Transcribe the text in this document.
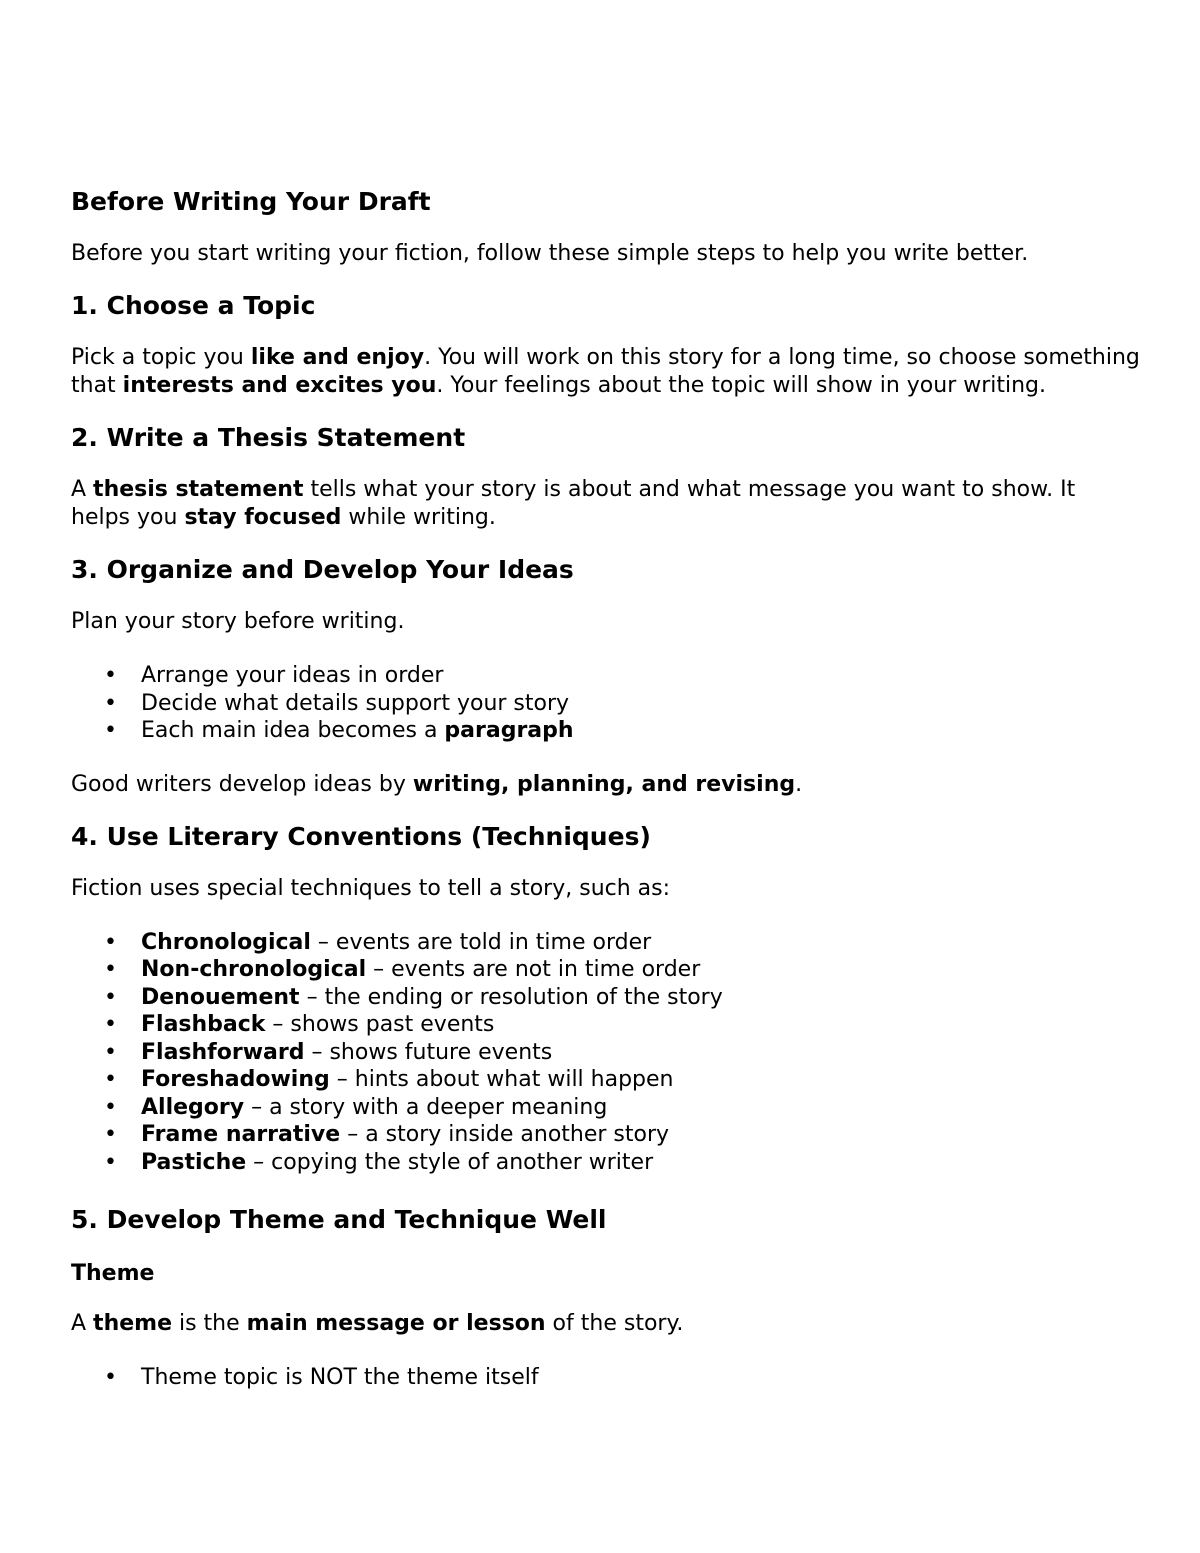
Before Writing Your Draft

Before you start writing your fiction, follow these simple steps to help you write better.

1. Choose a Topic

Pick a topic you like and enjoy. You will work on this story for a long time, so choose something that interests and excites you. Your feelings about the topic will show in your writing.

2. Write a Thesis Statement

A thesis statement tells what your story is about and what message you want to show. It helps you stay focused while writing.

3. Organize and Develop Your Ideas

Plan your story before writing.

• Arrange your ideas in order
• Decide what details support your story
• Each main idea becomes a paragraph

Good writers develop ideas by writing, planning, and revising.

4. Use Literary Conventions (Techniques)

Fiction uses special techniques to tell a story, such as:

• Chronological – events are told in time order
• Non-chronological – events are not in time order
• Denouement – the ending or resolution of the story
• Flashback – shows past events
• Flashforward – shows future events
• Foreshadowing – hints about what will happen
• Allegory – a story with a deeper meaning
• Frame narrative – a story inside another story
• Pastiche – copying the style of another writer
5. Develop Theme and Technique Well
Theme

A theme is the main message or lesson of the story.

• Theme topic is NOT the theme itself
